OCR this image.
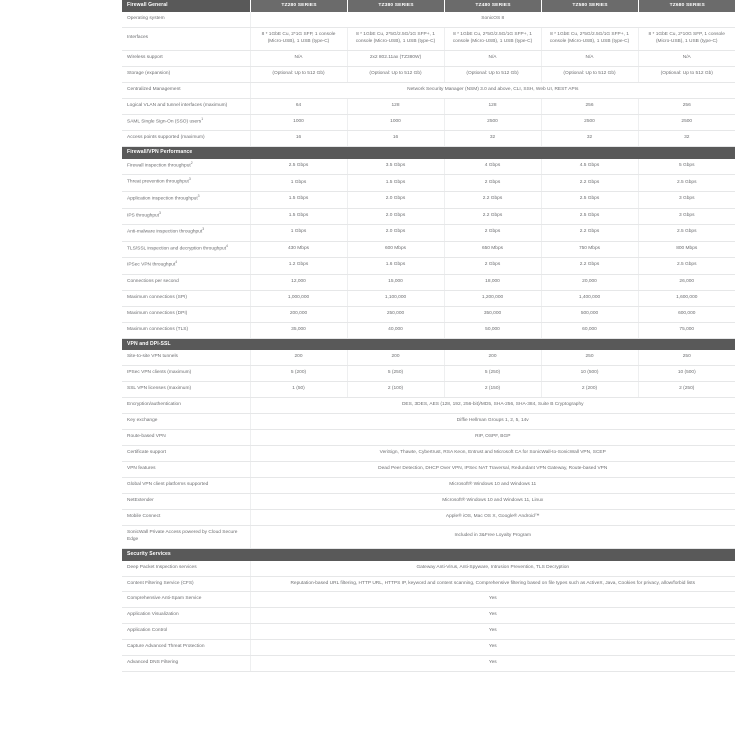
Firewall General	TZ280 SERIES	TZ380 SERIES	TZ480 SERIES	TZ580 SERIES	TZ680 SERIES
Operating system	SonicOS 8				
Interfaces	8 * 1GbE Cu, 2*1G SFP, 1 console (Micro-USB), 1 USB (type-C)	8 * 1GbE Cu, 2*5G/2.5G/1G SFP+, 1 console (Micro-USB), 1 USB (type-C)	8 * 1GbE Cu, 2*5G/2.5G/1G SFP+, 1 console (Micro-USB), 1 USB (type-C)	8 * 1GbE Cu, 2*5G/2.5G/1G SFP+, 1 console (Micro-USB), 1 USB (type-C)	8 * 1GbE Cu, 2*10G SFP, 1 console (Micro-USB), 1 USB (type-C)
Wireless support	N/A	2x2 802.11ax (TZ380W)	N/A	N/A	N/A
Storage (expansion)	(Optional: Up to 512 Gb)	(Optional: Up to 512 Gb)	(Optional: Up to 512 Gb)	(Optional: Up to 512 Gb)	(Optional: Up to 512 Gb)
Centralized Management	Network Security Manager (NSM) 3.0 and above, CLI, SSH, Web UI, REST APIs				
Logical VLAN and tunnel interfaces (maximum)	64	128	128	256	256
SAML Single Sign-On (SSO) users$^1$	1000	1000	2500	2500	2500
Access points supported (maximum)	16	16	32	32	32
Firewall/VPN Performance					
Firewall inspection throughput$^2$	2.5 Gbps	3.5 Gbps	4 Gbps	4.5 Gbps	5 Gbps
Threat prevention throughput$^3$	1 Gbps	1.5 Gbps	2 Gbps	2.2 Gbps	2.5 Gbps
Application inspection throughput$^3$	1.5 Gbps	2.0 Gbps	2.2 Gbps	2.5 Gbps	3 Gbps
IPS throughput$^3$	1.5 Gbps	2.0 Gbps	2.2 Gbps	2.5 Gbps	3 Gbps
Anti-malware inspection throughput$^3$	1 Gbps	2.0 Gbps	2 Gbps	2.2 Gbps	2.5 Gbps
TLS/SSL inspection and decryption throughput$^4$	430 Mbps	600 Mbps	650 Mbps	750 Mbps	800 Mbps
IPSec VPN throughput$^4$	1.2 Gbps	1.6 Gbps	2 Gbps	2.2 Gbps	2.5 Gbps
Connections per second	12,000	15,000	18,000	20,000	26,000
Maximum connections (SPI)	1,000,000	1,100,000	1,200,000	1,400,000	1,600,000
Maximum connections (DPI)	200,000	250,000	350,000	500,000	600,000
Maximum connections (TLS)	35,000	40,000	50,000	60,000	75,000
VPN and DPI-SSL					
Site-to-site VPN tunnels	200	200	200	250	250
IPSec VPN clients (maximum)	5 (200)	5 (250)	5 (250)	10 (500)	10 (500)
SSL VPN licenses (maximum)	1 (50)	2 (100)	2 (150)	2 (200)	2 (250)
Encryption/authentication	DES, 3DES, AES (128, 192, 256-bit)/MD5, SHA-256, SHA-384, Suite B Cryptography				
Key exchange	Diffie Hellman Groups 1, 2, 5, 14v				
Route-based VPN	RIP, OSPF, BGP				
Certificate support	VeriSign, Thawte, Cybertrust, RSA Keon, Entrust and Microsoft CA for SonicWall-to-SonicWall VPN, SCEP				
VPN features	Dead Peer Detection, DHCP Over VPN, IPSec NAT Traversal, Redundant VPN Gateway, Route-based VPN				
Global VPN client platforms supported	Microsoft® Windows 10 and Windows 11				
NetExtender	Microsoft® Windows 10 and Windows 11, Linux				
Mobile Connect	Apple® iOS, Mac OS X, Google® Android™				
SonicWall Private Access powered by Cloud Secure Edge	Included in 3&Free Loyalty Program				
Security Services					
Deep Packet Inspection services	Gateway Anti-Virus, Anti-Spyware, Intrusion Prevention, TLS Decryption				
Content Filtering Service (CFS)	Reputation-based URL filtering, HTTP URL, HTTPS IP, keyword and content scanning, Comprehensive filtering based on file types such as ActiveX, Java, Cookies for privacy, allow/forbid lists				
Comprehensive Anti-Spam Service	Yes				
Application Visualization	Yes				
Application Control	Yes				
Capture Advanced Threat Protection	Yes				
Advanced DNS Filtering	Yes				
